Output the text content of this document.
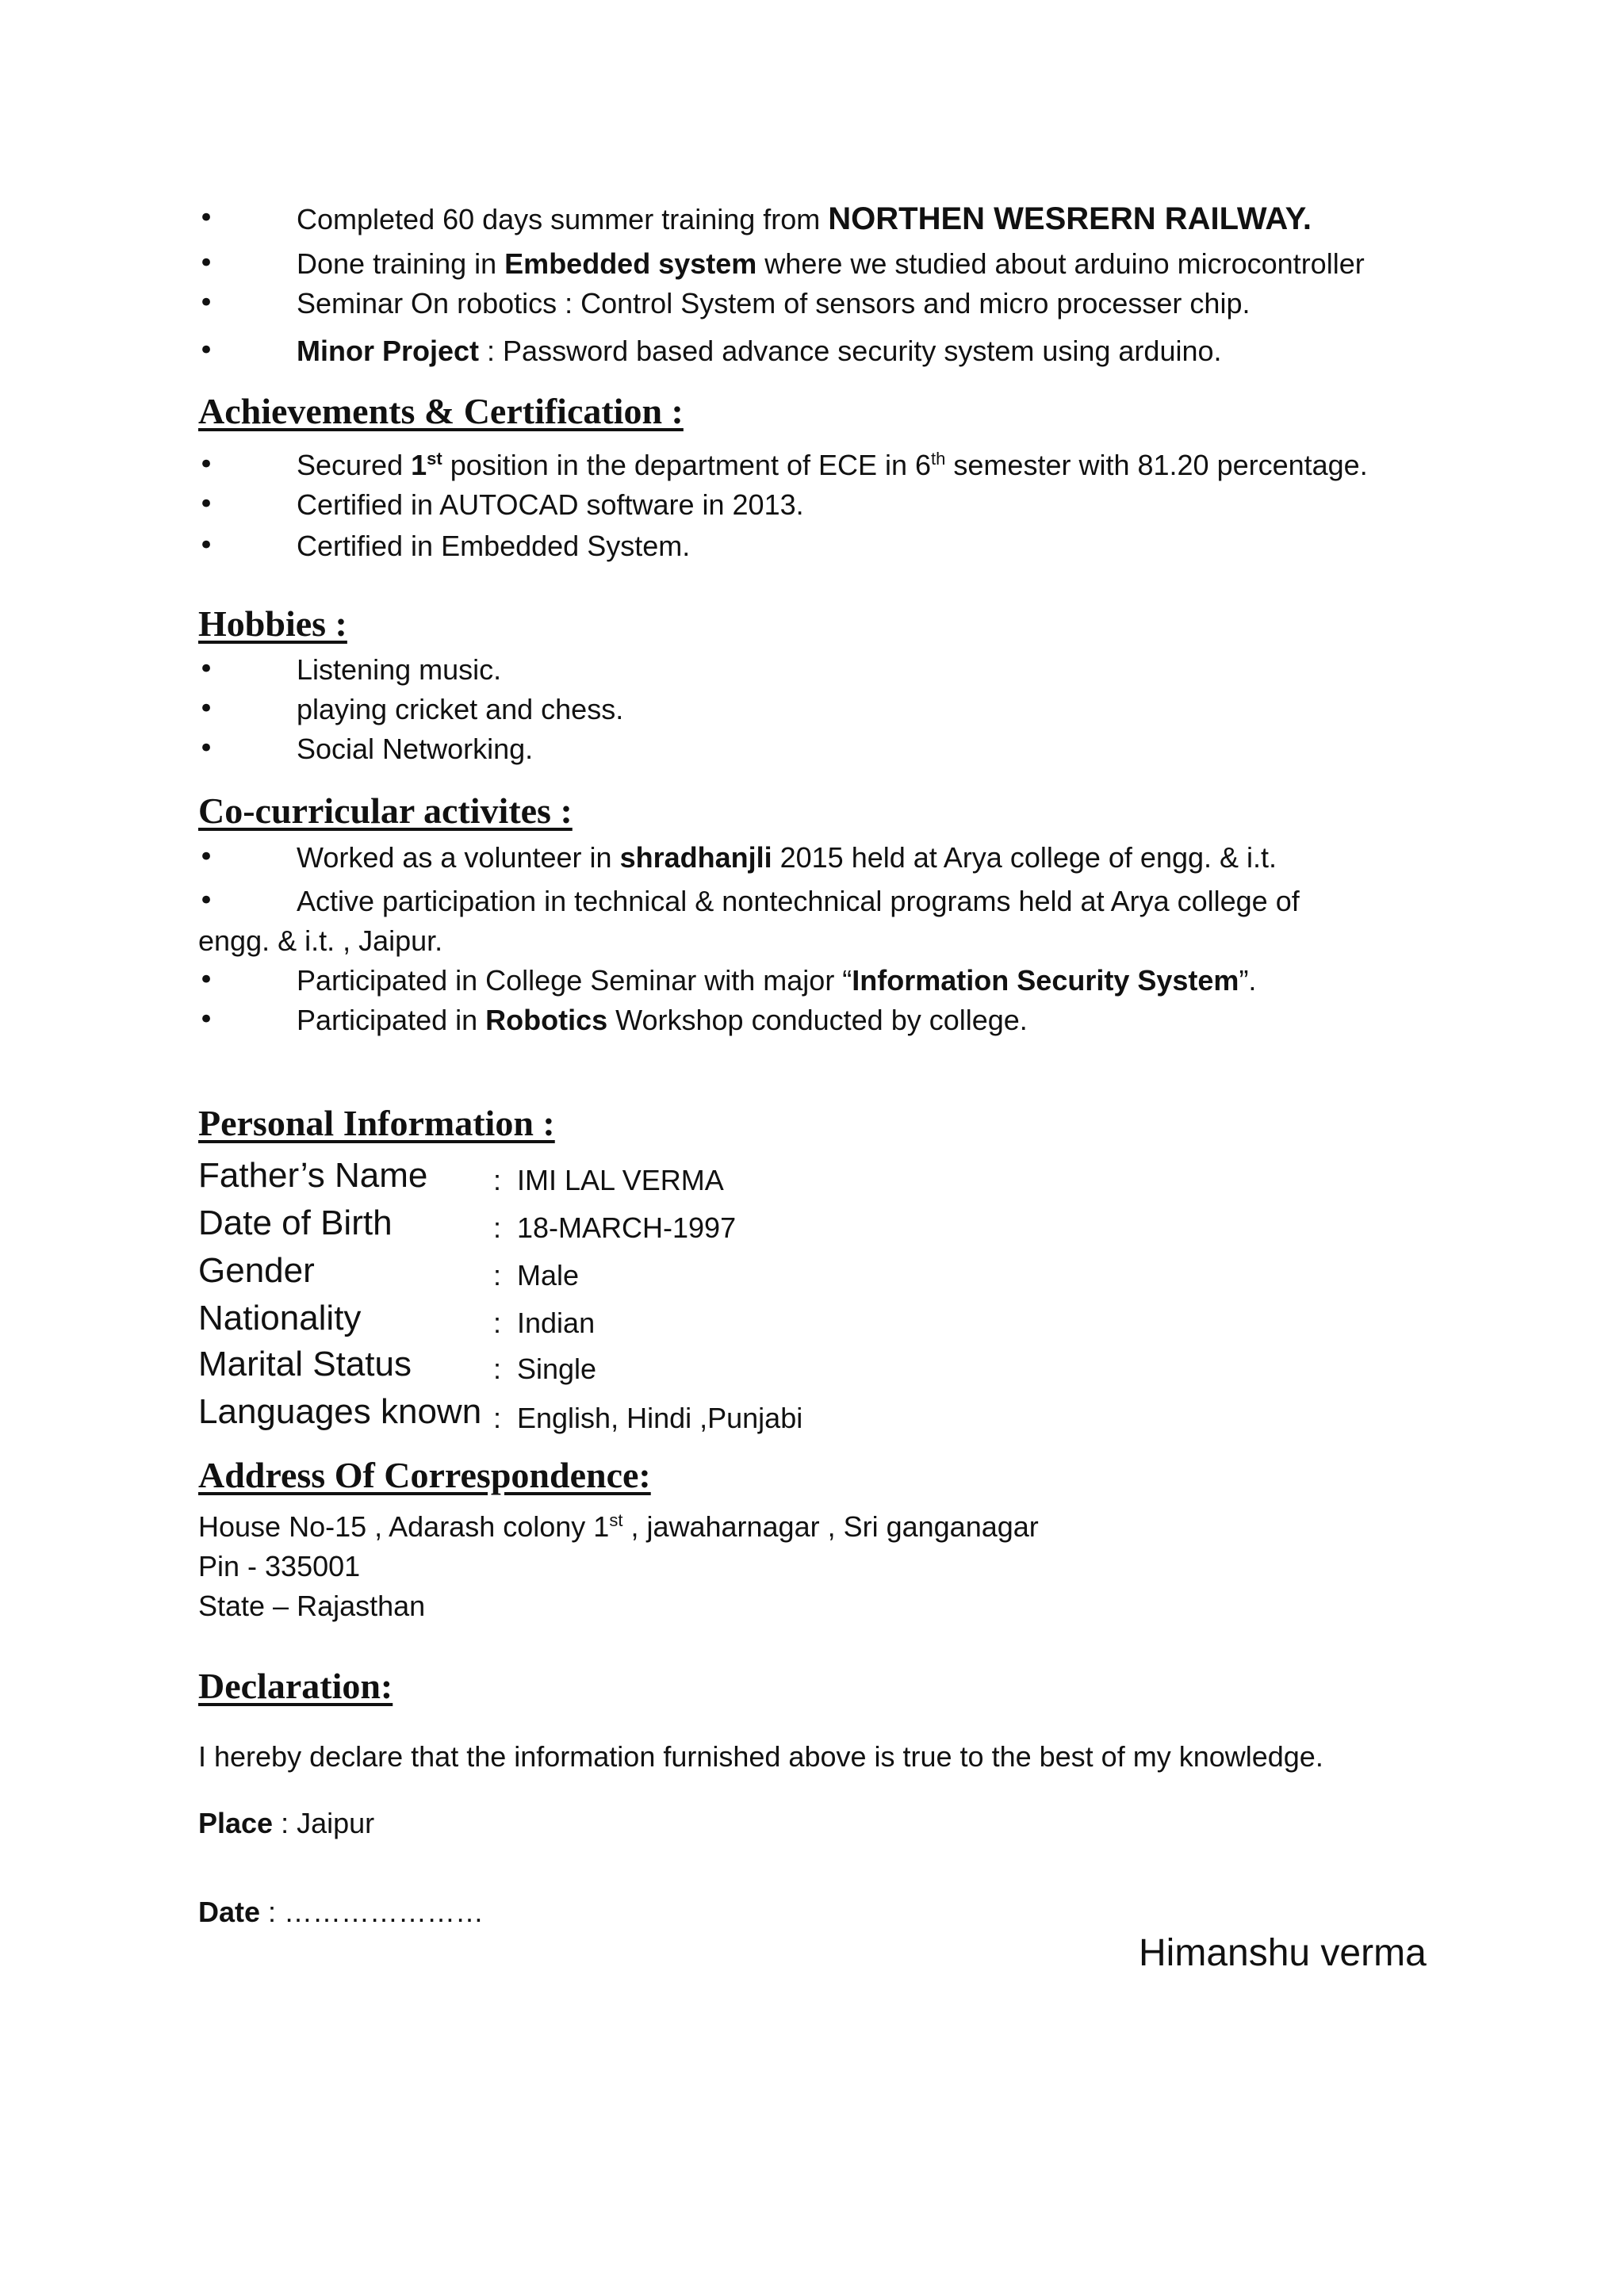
•	Completed 60 days summer training from NORTHEN WESRERN RAILWAY.
•	Done training in Embedded system where we studied about arduino microcontroller
•	Seminar On robotics : Control System of sensors and micro processer chip.
•	Minor Project : Password based advance security system using arduino.
Achievements & Certification :
•	Secured 1st position in the department of ECE in 6th semester with 81.20 percentage.
•	Certified in AUTOCAD software in 2013.
•	Certified in Embedded System.
Hobbies :
•	Listening music.
•	playing cricket and chess.
•	Social Networking.
Co-curricular activites :
•	Worked as a volunteer in shradhanjli 2015 held at Arya college of engg. & i.t.
•	Active participation in technical & nontechnical programs held at Arya college of
engg. & i.t. , Jaipur.
•	Participated in College Seminar with major “Information Security System”.
•	Participated in Robotics Workshop conducted by college.
Personal Information :
Father’s Name : IMI LAL VERMA
Date of Birth	: 18-MARCH-1997
Gender	: Male
Nationality	: Indian
Marital Status	: Single
Languages known : English, Hindi ,Punjabi
Address Of Correspondence:
House No-15 , Adarash colony 1st , jawaharnagar , Sri ganganagar
Pin - 335001
State – Rajasthan
Declaration:
I hereby declare that the information furnished above is true to the best of my knowledge.
Place : Jaipur
Date : …………………
Himanshu verma
